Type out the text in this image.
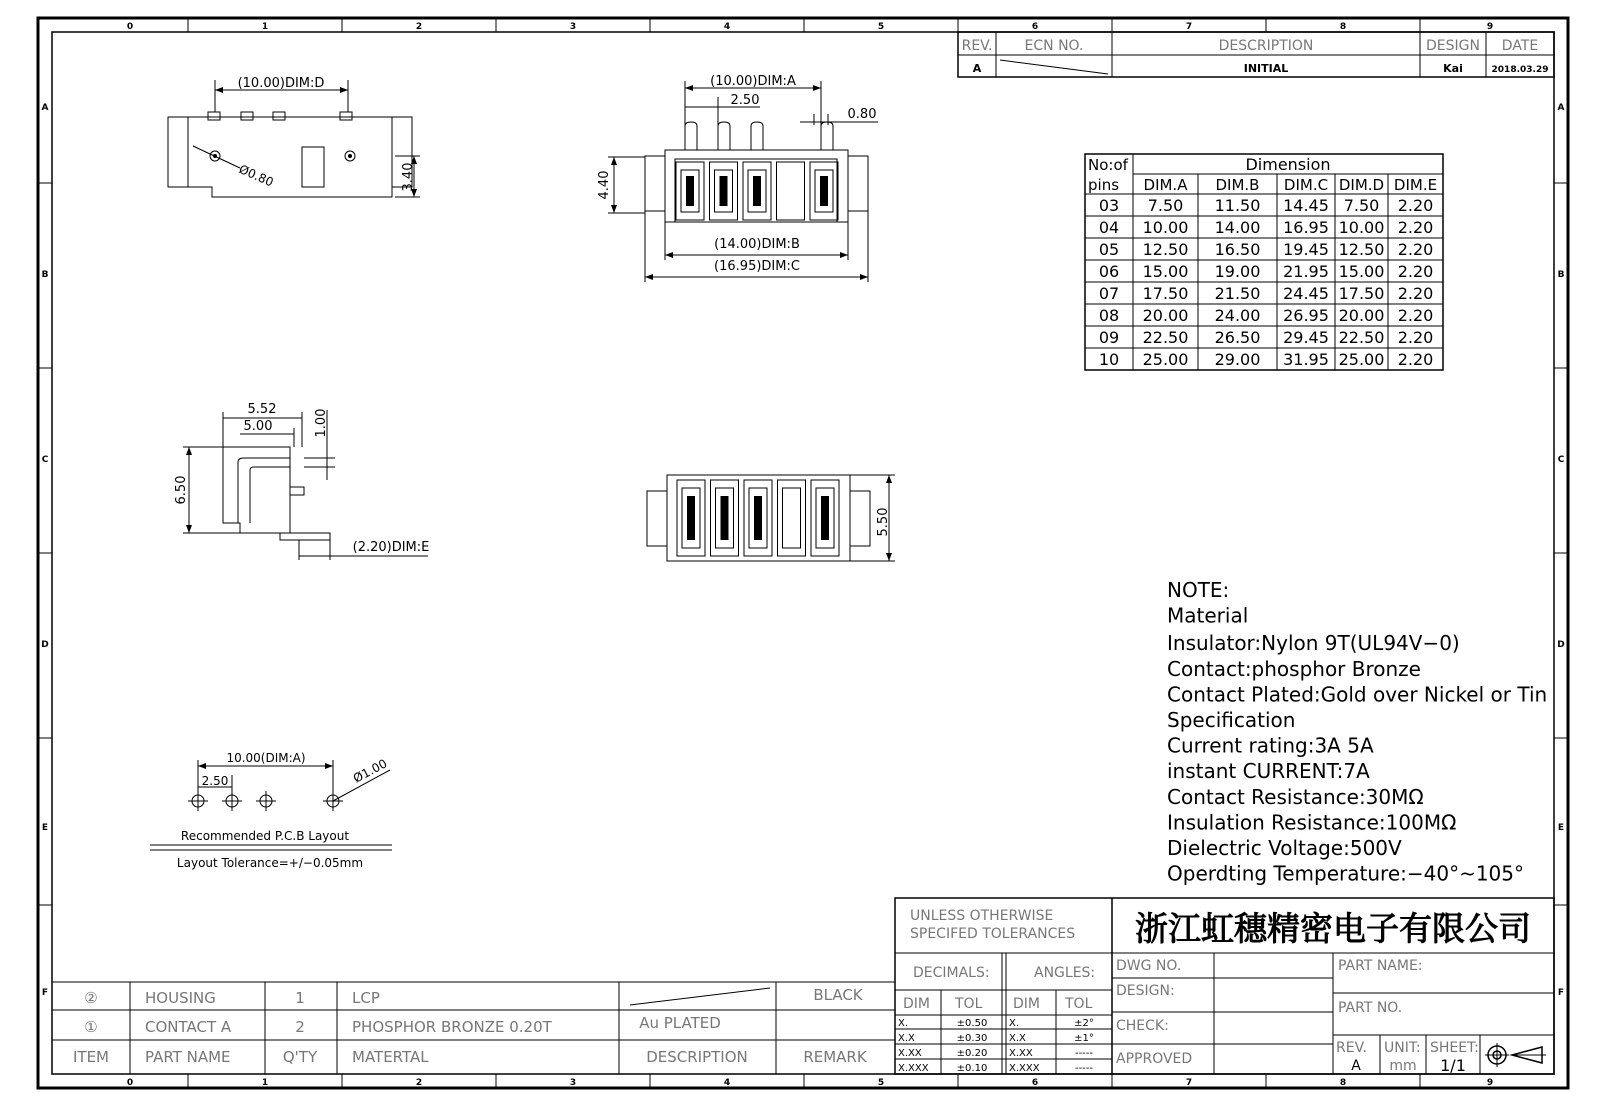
0	1	2	3	4	5	6	7	8	9
0	1	2	3	4	5	6	7	8	9
A
B
C
D
E
F
A
B
C
D
E
F
REV. ECN NO.	DESCRIPTION	DESIGN DATE
A	INITIAL	Kai	2018.03.29
No:of
pins
Dimension
DIM.A DIM.B DIM.C DIM.D DIM.E
03 7.50 11.50 14.45 7.50 2.20
04 10.00 14.00 16.95 10.00 2.20
05 12.50 16.50 19.45 12.50 2.20
06 15.00 19.00 21.95 15.00 2.20
07 17.50 21.50 24.45 17.50 2.20
08 20.00 24.00 26.95 20.00 2.20
09 22.50 26.50 29.45 22.50 2.20
10 25.00 29.00 31.95 25.00 2.20
(10.00)DIM:D
Ø0.80	3.40
(10.00)DIM:A
2.50
0.80
4.40
(14.00)DIM:B
(16.95)DIM:C
5.52
5.00	1.00
6.50
(2.20)DIM:E
5.50
10.00(DIM:A)
2.50	Ø1.00
Recommended P.C.B Layout
Layout Tolerance=+/−0.05mm
NOTE:
Material
Insulator:Nylon 9T(UL94V−0)
Contact:phosphor Bronze
Contact Plated:Gold over Nickel or Tin
Specification
Current rating:3A 5A
instant CURRENT:7A
Contact Resistance:30MΩ
Insulation Resistance:100MΩ
Dielectric Voltage:500V
Operdting Temperature:−40°~105°
②	HOUSING	1	LCP	BLACK
①	CONTACT A	2	PHOSPHOR BRONZE 0.20T	Au PLATED
ITEM PART NAME	Q'TY MATERTAL	DESCRIPTION	REMARK
UNLESS OTHERWISE
SPECIFED TOLERANCES
DECIMALS:	ANGLES:
DIM TOL DIM TOL
X.	±0.50
X.X	±0.30
X.XX	±0.20
X.XXX	±0.10
X.	±2°
X.X	±1°
X.XX	-----
X.XXX	-----
浙江虹穗精密电子有限公司
DWG NO.
DESIGN:
CHECK:
APPROVED
PART NAME:
PART NO.
REV. UNIT: SHEET:
A mm 1/1
